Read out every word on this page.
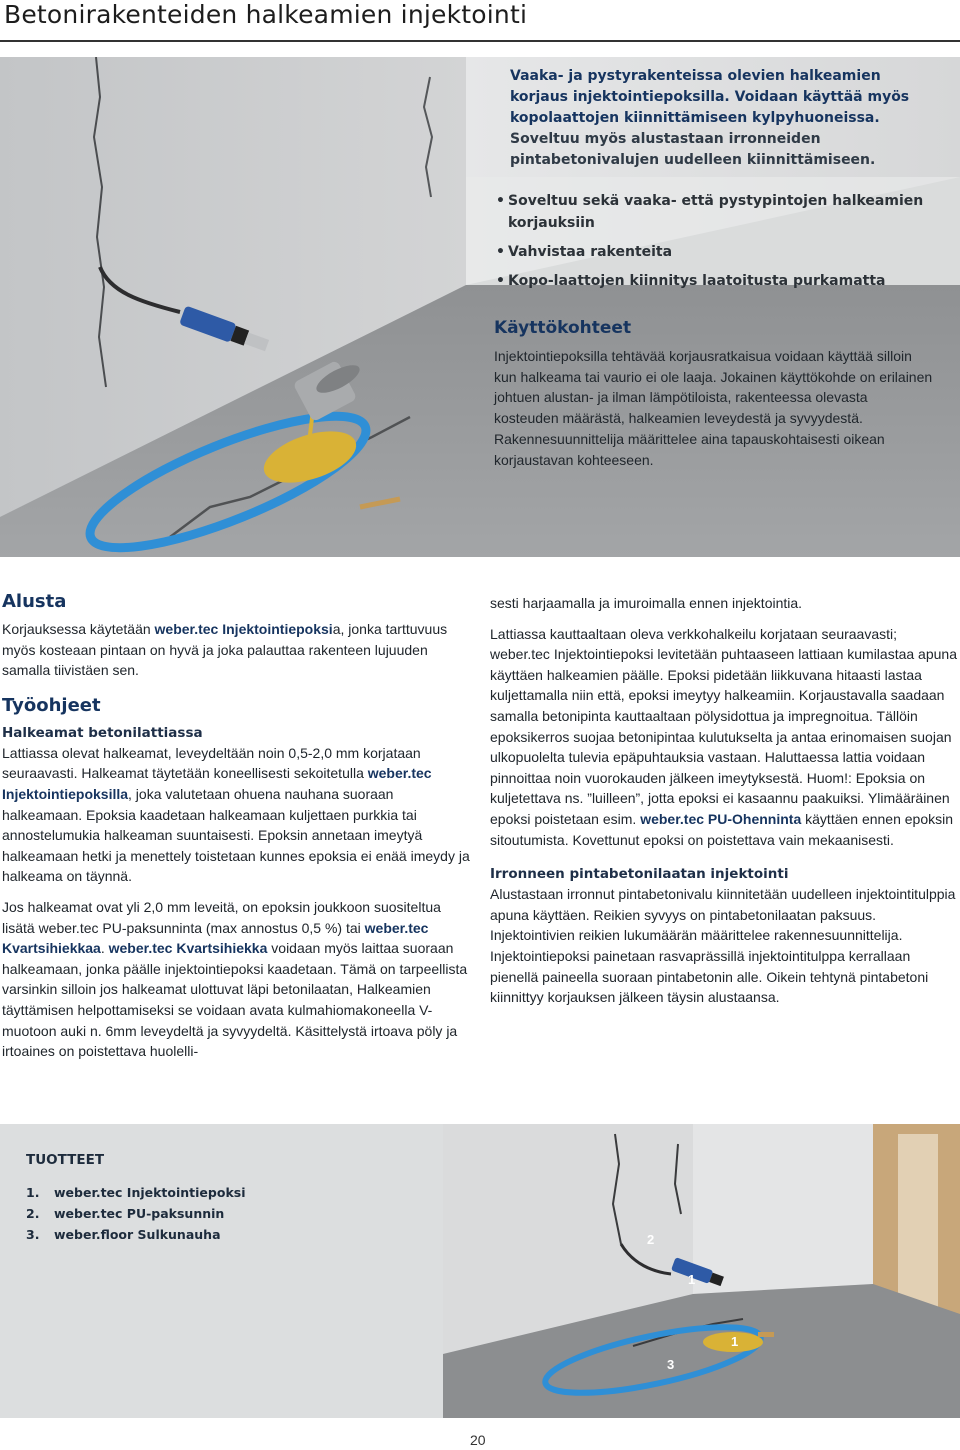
Betonirakenteiden halkeamien injektointi

Vaaka- ja pystyrakenteissa olevien halkeamien
korjaus injektointiepoksilla. Voidaan käyttää myös
kopolaattojen kiinnittämiseen kylpyhuoneissa.
Soveltuu myös alustastaan irronneiden
pintabetonivalujen uudelleen kiinnittämiseen.

• Soveltuu sekä vaaka- että pystypintojen halkeamien korjauksiin
• Vahvistaa rakenteita
• Kopo-laattojen kiinnitys laatoitusta purkamatta
Käyttökohteet

Injektointiepoksilla tehtävää korjausratkaisua voidaan käyttää silloin kun halkeama tai vaurio ei ole laaja. Jokainen käyttökohde on erilainen johtuen alustan- ja ilman lämpötiloista, rakenteessa olevasta kosteuden määrästä, halkeamien leveydestä ja syvyydestä. Rakennesuunnittelija määrittelee aina tapauskohtaisesti oikean korjaustavan kohteeseen.

Alusta

Korjauksessa käytetään weber.tec Injektointiepoksia, jonka tarttuvuus myös kosteaan pintaan on hyvä ja joka palauttaa rakenteen lujuuden samalla tiivistäen sen.

Työohjeet
Halkeamat betonilattiassa

Lattiassa olevat halkeamat, leveydeltään noin 0,5-2,0 mm korjataan seuraavasti. Halkeamat täytetään koneellisesti sekoitetulla weber.tec Injektointiepoksilla, joka valutetaan ohuena nauhana suoraan halkeamaan. Epoksia kaadetaan halkeamaan kuljettaen purkkia tai annostelumukia halkeaman suuntaisesti. Epoksin annetaan imeytyä halkeamaan hetki ja menettely toistetaan kunnes epoksia ei enää imeydy ja halkeama on täynnä.

Jos halkeamat ovat yli 2,0 mm leveitä, on epoksin joukkoon suositeltua lisätä weber.tec PU-paksunninta (max annostus 0,5 %) tai weber.tec Kvartsihiekkaa. weber.tec Kvartsihiekka voidaan myös laittaa suoraan halkeamaan, jonka päälle injektointiepoksi kaadetaan. Tämä on tarpeellista varsinkin silloin jos halkeamat ulottuvat läpi betonilaatan, Halkeamien täyttämisen helpottamiseksi se voidaan avata kulmahiomakoneella V-muotoon auki n. 6mm leveydeltä ja syvyydeltä. Käsittelystä irtoava pöly ja irtoaines on poistettava huolelli-

sesti harjaamalla ja imuroimalla ennen injektointia.

Lattiassa kauttaaltaan oleva verkkohalkeilu korjataan seuraavasti; weber.tec Injektointiepoksi levitetään puhtaaseen lattiaan kumilastaa apuna käyttäen halkeamien päälle. Epoksi pidetään liikkuvana hitaasti lastaa kuljettamalla niin että, epoksi imeytyy halkeamiin. Korjaustavalla saadaan samalla betonipinta kauttaaltaan pölysidottua ja impregnoitua. Tällöin epoksikerros suojaa betonipintaa kulutukselta ja antaa erinomaisen suojan ulkopuolelta tulevia epäpuhtauksia vastaan. Haluttaessa lattia voidaan pinnoittaa noin vuorokauden jälkeen imeytyksestä. Huom!: Epoksia on kuljetettava ns. ”luilleen”, jotta epoksi ei kasaannu paakuiksi. Ylimääräinen epoksi poistetaan esim. weber.tec PU-Ohennintа käyttäen ennen epoksin sitoutumista. Kovettunut epoksi on poistettava vain mekaanisesti.

Irronneen pintabetonilaatan injektointi

Alustastaan irronnut pintabetonivalu kiinnitetään uudelleen injektointitulppia apuna käyttäen. Reikien syvyys on pintabetonilaatan paksuus. Injektointivien reikien lukumäärän määrittelee rakennesuunnittelija. Injektointiepoksi painetaan rasvaprässillä injektointitulppa kerrallaan pienellä paineella suoraan pintabetonin alle. Oikein tehtynä pintabetoni kiinnittyy korjauksen jälkeen täysin alustaansa.

TUOTTEET
1. weber.tec Injektointiepoksi
2. weber.tec PU-paksunnin
3. weber.floor Sulkunauha	2
1
3
1

20
